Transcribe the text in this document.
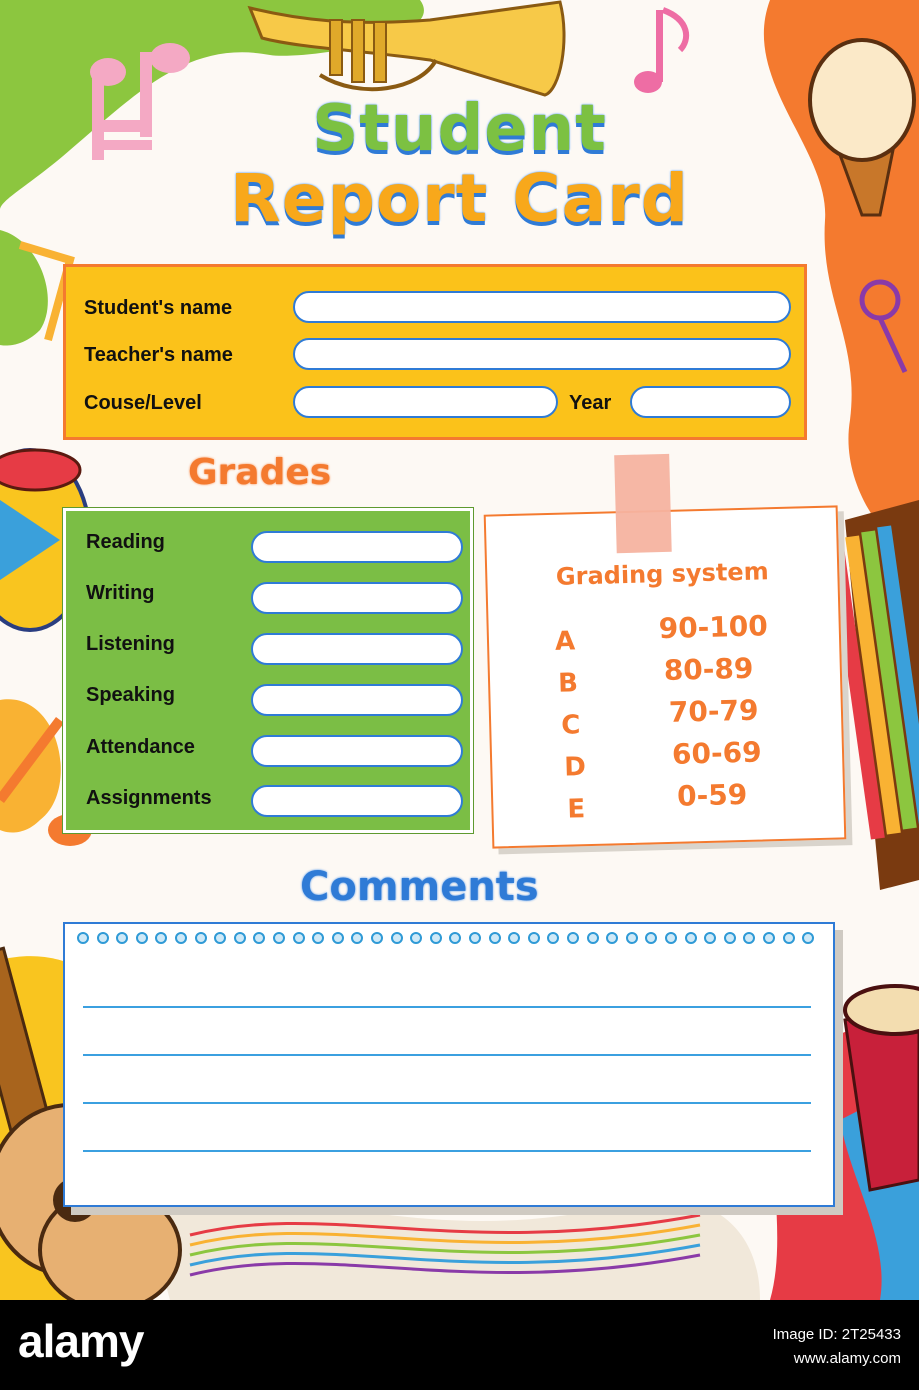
Student
Report Card
Student's name
Teacher's name
Couse/Level	Year
Grades
Reading
Writing
Listening
Speaking
Attendance
Assignments
Grading system
A	90-100
B	80-89
C	70-79
D	60-69
E	0-59
Comments
alamy	Image ID: 2T25433
www.alamy.com
